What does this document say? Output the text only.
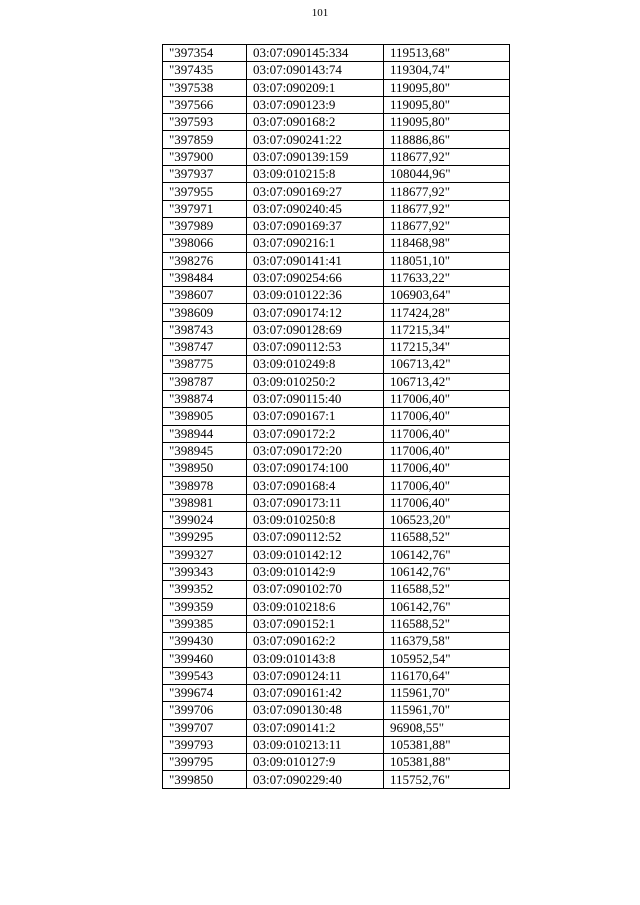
101
"397354	03:07:090145:334	119513,68"
"397435	03:07:090143:74	119304,74"
"397538	03:07:090209:1	119095,80"
"397566	03:07:090123:9	119095,80"
"397593	03:07:090168:2	119095,80"
"397859	03:07:090241:22	118886,86"
"397900	03:07:090139:159	118677,92"
"397937	03:09:010215:8	108044,96"
"397955	03:07:090169:27	118677,92"
"397971	03:07:090240:45	118677,92"
"397989	03:07:090169:37	118677,92"
"398066	03:07:090216:1	118468,98"
"398276	03:07:090141:41	118051,10"
"398484	03:07:090254:66	117633,22"
"398607	03:09:010122:36	106903,64"
"398609	03:07:090174:12	117424,28"
"398743	03:07:090128:69	117215,34"
"398747	03:07:090112:53	117215,34"
"398775	03:09:010249:8	106713,42"
"398787	03:09:010250:2	106713,42"
"398874	03:07:090115:40	117006,40"
"398905	03:07:090167:1	117006,40"
"398944	03:07:090172:2	117006,40"
"398945	03:07:090172:20	117006,40"
"398950	03:07:090174:100	117006,40"
"398978	03:07:090168:4	117006,40"
"398981	03:07:090173:11	117006,40"
"399024	03:09:010250:8	106523,20"
"399295	03:07:090112:52	116588,52"
"399327	03:09:010142:12	106142,76"
"399343	03:09:010142:9	106142,76"
"399352	03:07:090102:70	116588,52"
"399359	03:09:010218:6	106142,76"
"399385	03:07:090152:1	116588,52"
"399430	03:07:090162:2	116379,58"
"399460	03:09:010143:8	105952,54"
"399543	03:07:090124:11	116170,64"
"399674	03:07:090161:42	115961,70"
"399706	03:07:090130:48	115961,70"
"399707	03:07:090141:2	96908,55"
"399793	03:09:010213:11	105381,88"
"399795	03:09:010127:9	105381,88"
"399850	03:07:090229:40	115752,76"
